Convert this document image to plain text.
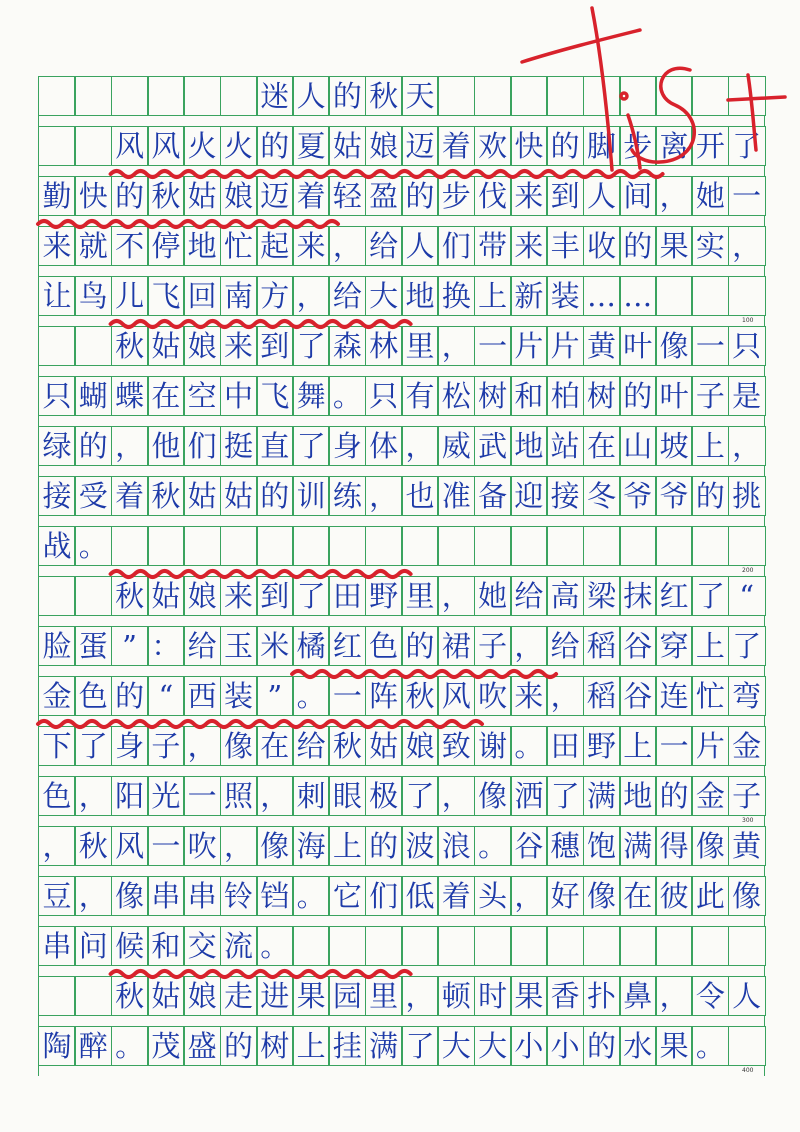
迷 人 的 秋 天
风 风 火 火 的 夏 姑 娘 迈 着 欢 快 的 脚 步 离 开 了
勤 快 的 秋 姑 娘 迈 着 轻 盈 的 步 伐 来 到 人 间 ， 她 一
来 就 不 停 地 忙 起 来 ， 给 人 们 带 来 丰 收 的 果 实 ，
让 鸟 儿 飞 回 南 方 ， 给 大 地 换 上 新 装 … …
秋 姑 娘 来 到 了 森 林 里 ， 一 片 片 黄 叶 像 一 只
只 蝴 蝶 在 空 中 飞 舞 。 只 有 松 树 和 柏 树 的 叶 子 是
绿 的 ， 他 们 挺 直 了 身 体 ， 威 武 地 站 在 山 坡 上 ，
接 受 着 秋 姑 姑 的 训 练 ， 也 准 备 迎 接 冬 爷 爷 的 挑
战 。
秋 姑 娘 来 到 了 田 野 里 ， 她 给 高 梁 抹 红 了 “
脸 蛋 ” ： 给 玉 米 橘 红 色 的 裙 子 ， 给 稻 谷 穿 上 了
金 色 的 “ 西 装 ” 。 一 阵 秋 风 吹 来 ， 稻 谷 连 忙 弯
下 了 身 子 ， 像 在 给 秋 姑 娘 致 谢 。 田 野 上 一 片 金
色 ， 阳 光 一 照 ， 刺 眼 极 了 ， 像 洒 了 满 地 的 金 子
， 秋 风 一 吹 ， 像 海 上 的 波 浪 。 谷 穗 饱 满 得 像 黄
豆 ， 像 串 串 铃 铛 。 它 们 低 着 头 ， 好 像 在 彼 此 像
串 问 候 和 交 流 。
秋 姑 娘 走 进 果 园 里 ， 顿 时 果 香 扑 鼻 ， 令 人
陶 醉 。 茂 盛 的 树 上 挂 满 了 大 大 小 小 的 水 果 。
100
200
300
400
TiS+
